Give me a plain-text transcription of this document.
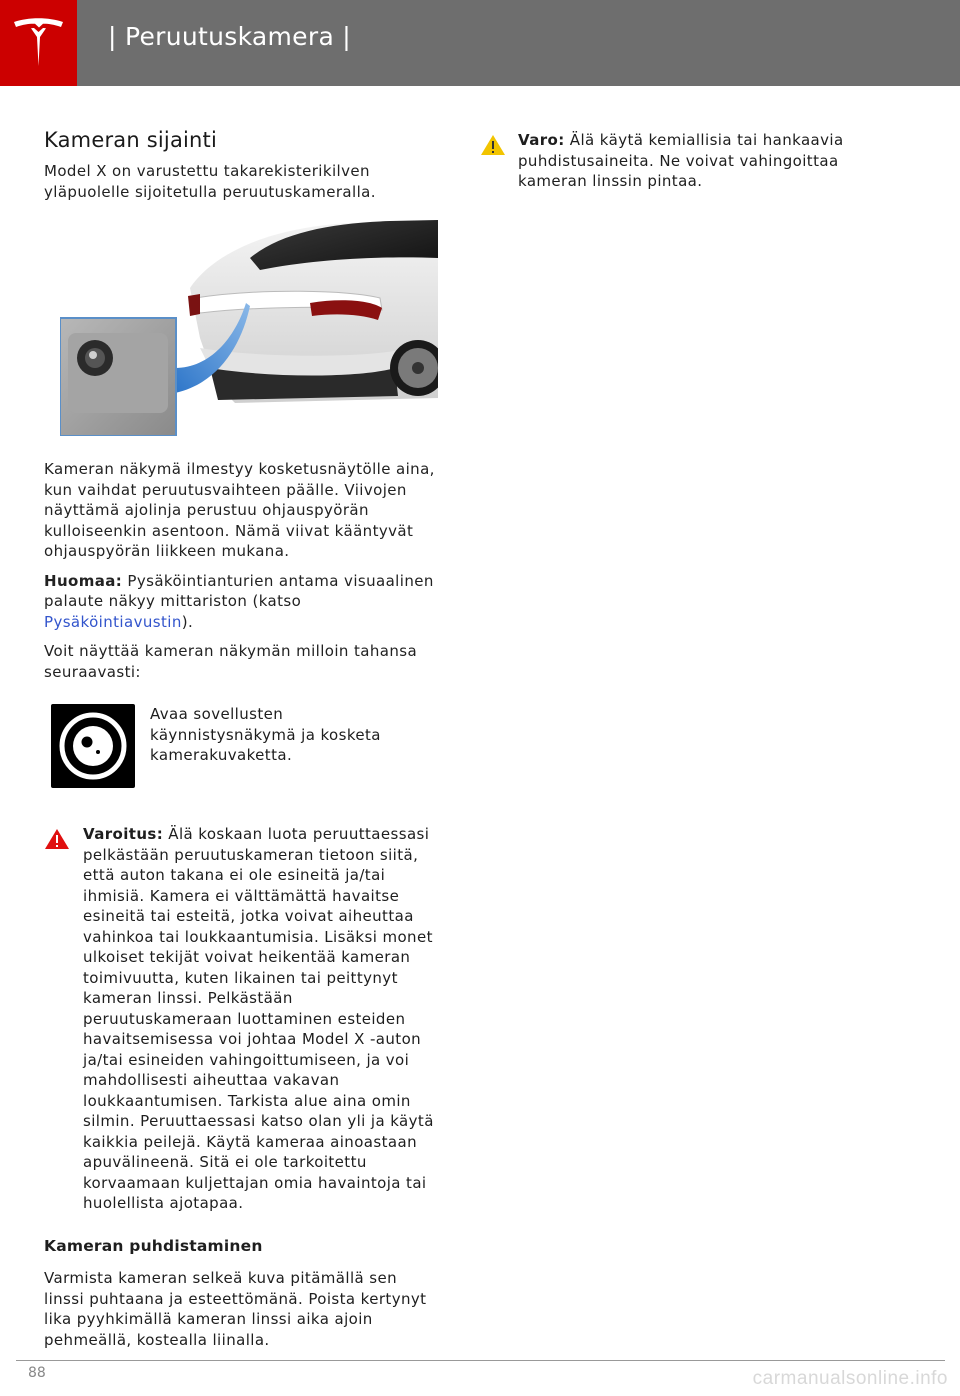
| Peruutuskamera |
Kameran sijainti

Model X on varustettu takarekisterikilven yläpuolelle sijoitetulla peruutuskameralla.

Kameran näkymä ilmestyy kosketusnäytölle aina, kun vaihdat peruutusvaihteen päälle. Viivojen näyttämä ajolinja perustuu ohjauspyörän kulloiseenkin asentoon. Nämä viivat kääntyvät ohjauspyörän liikkeen mukana.

Huomaa: Pysäköintianturien antama visuaalinen palaute näkyy mittariston (katso Pysäköintiavustin).

Voit näyttää kameran näkymän milloin tahansa seuraavasti:

Avaa sovellusten käynnistysnäkymä ja kosketa kamerakuvaketta.

Varoitus: Älä koskaan luota peruuttaessasi pelkästään peruutuskameran tietoon siitä, että auton takana ei ole esineitä ja/tai ihmisiä. Kamera ei välttämättä havaitse esineitä tai esteitä, jotka voivat aiheuttaa vahinkoa tai loukkaantumisia. Lisäksi monet ulkoiset tekijät voivat heikentää kameran toimivuutta, kuten likainen tai peittynyt kameran linssi. Pelkästään peruutuskameraan luottaminen esteiden havaitsemisessa voi johtaa Model X -auton ja/tai esineiden vahingoittumiseen, ja voi mahdollisesti aiheuttaa vakavan loukkaantumisen. Tarkista alue aina omin silmin. Peruuttaessasi katso olan yli ja käytä kaikkia peilejä. Käytä kameraa ainoastaan apuvälineenä. Sitä ei ole tarkoitettu korvaamaan kuljettajan omia havaintoja tai huolellista ajotapaa.

Kameran puhdistaminen

Varmista kameran selkeä kuva pitämällä sen linssi puhtaana ja esteettömänä. Poista kertynyt lika pyyhkimällä kameran linssi aika ajoin pehmeällä, kostealla liinalla.

Varo: Älä käytä kemiallisia tai hankaavia puhdistusaineita. Ne voivat vahingoittaa kameran linssin pintaa.

88	carmanualsonline.info
